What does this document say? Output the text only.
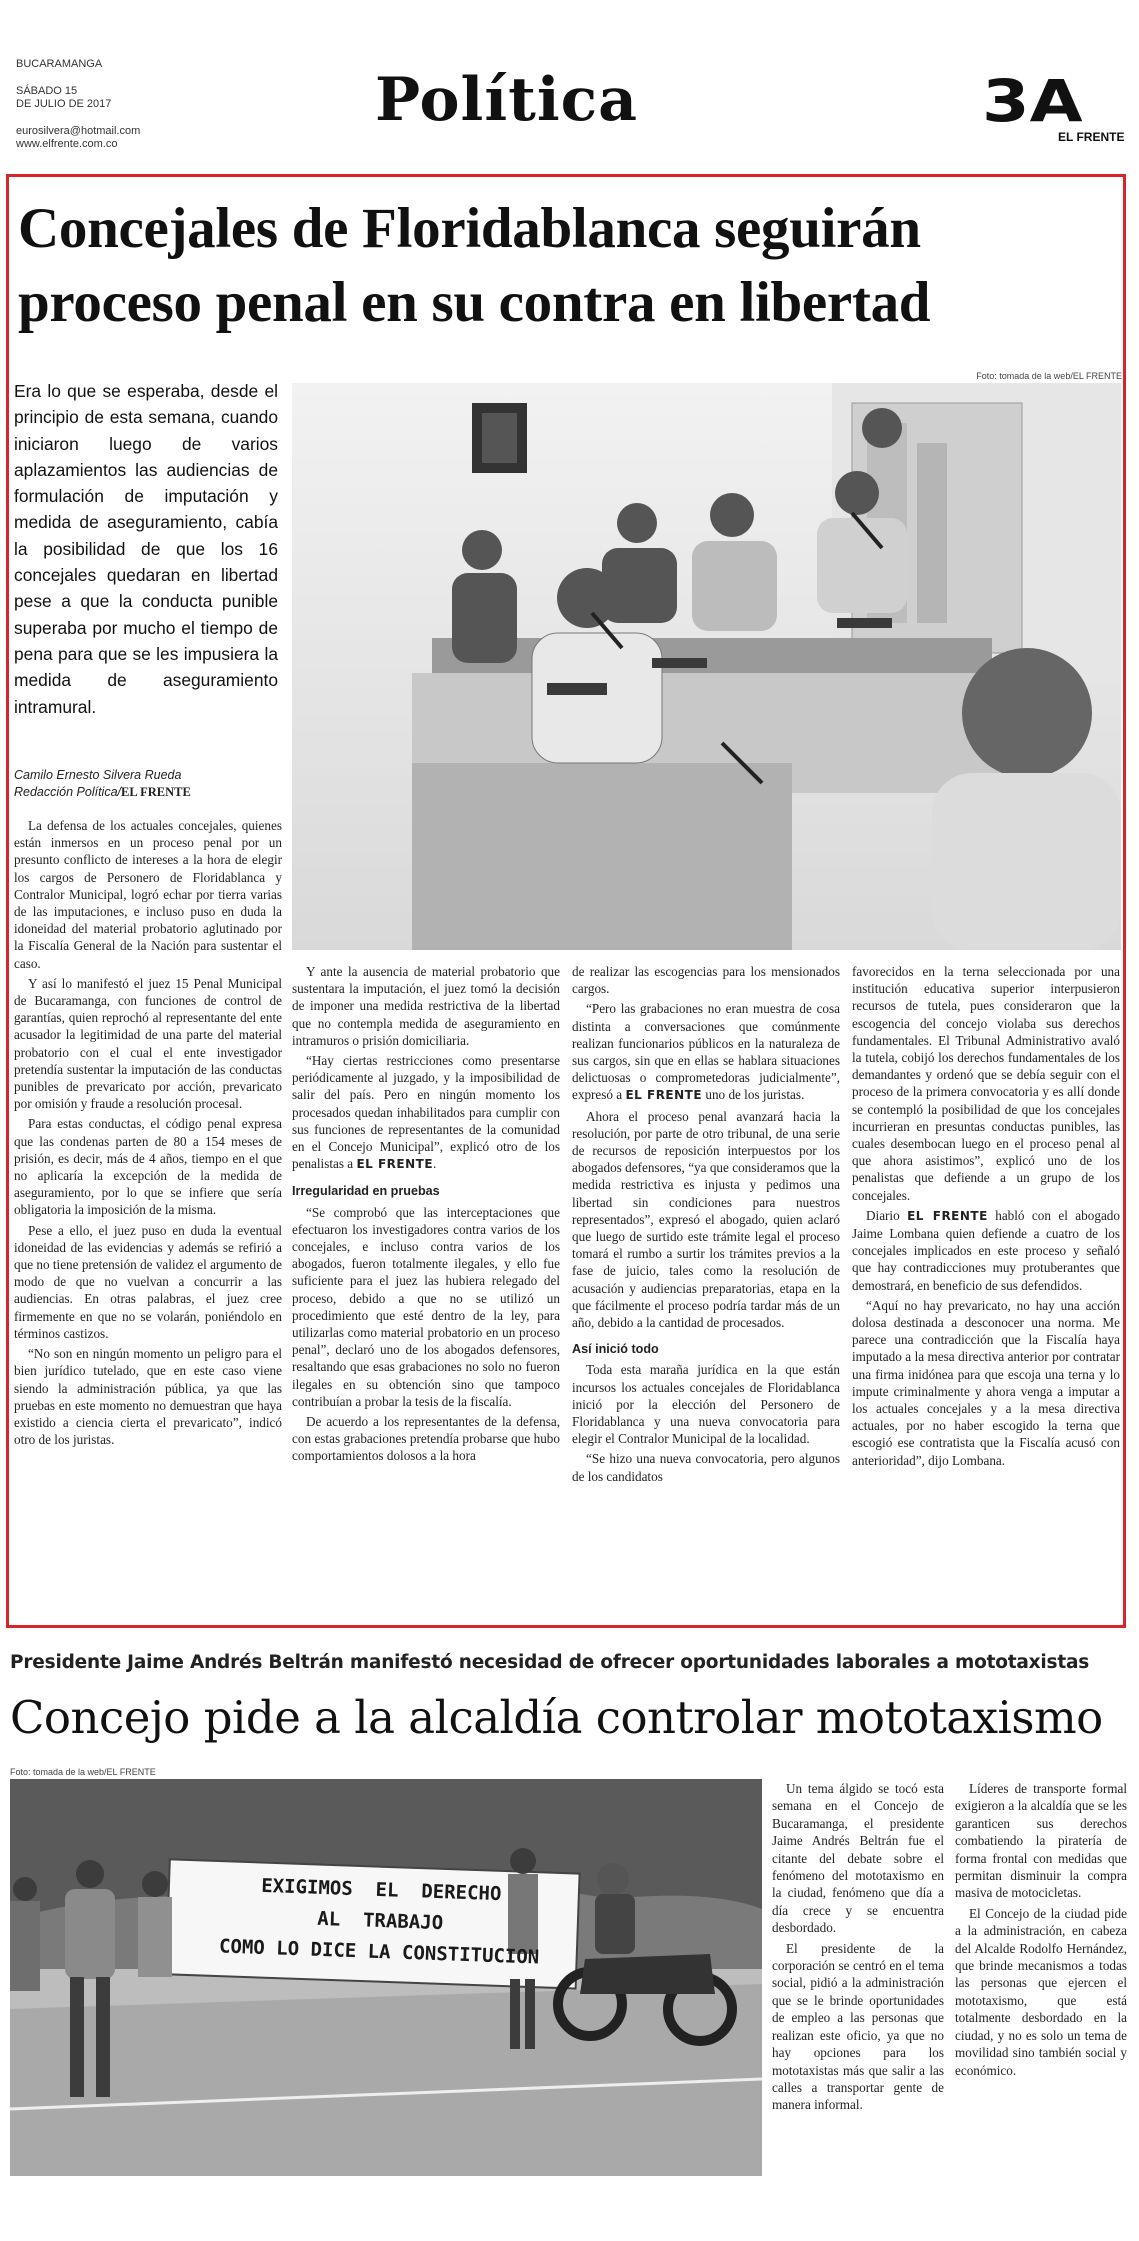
BUCARAMANGA
SÁBADO 15
DE JULIO DE 2017
eurosilvera@hotmail.com
www.elfrente.com.co
Política	3A
EL FRENTE
Concejales de Floridablanca seguirán
proceso penal en su contra en libertad
Era lo que se esperaba, desde el principio de esta semana, cuando iniciaron luego de varios aplazamientos las audiencias de formulación de imputación y medida de aseguramiento, cabía la posibilidad de que los 16 concejales quedaran en libertad pese a que la conducta punible superaba por mucho el tiempo de pena para que se les impusiera la medida de aseguramiento intramural.
Foto: tomada de la web/EL FRENTE
Camilo Ernesto Silvera Rueda
Redacción Política/EL FRENTE

La defensa de los actuales concejales, quienes están inmersos en un proceso penal por un presunto conflicto de intereses a la hora de elegir los cargos de Personero de Floridablanca y Contralor Municipal, logró echar por tierra varias de las imputaciones, e incluso puso en duda la idoneidad del material probatorio aglutinado por la Fiscalía General de la Nación para sustentar el caso.

Y así lo manifestó el juez 15 Penal Municipal de Bucaramanga, con funciones de control de garantías, quien reprochó al representante del ente acusador la legitimidad de una parte del material probatorio con el cual el ente investigador pretendía sustentar la imputación de las conductas punibles de prevaricato por acción, prevaricato por omisión y fraude a resolución procesal.

Para estas conductas, el código penal expresa que las condenas parten de 80 a 154 meses de prisión, es decir, más de 4 años, tiempo en el que no aplicaría la excepción de la medida de aseguramiento, por lo que se infiere que sería obligatoria la imposición de la misma.

Pese a ello, el juez puso en duda la eventual idoneidad de las evidencias y además se refirió a que no tiene pretensión de validez el argumento de modo de que no vuelvan a concurrir a las audiencias. En otras palabras, el juez cree firmemente en que no se volarán, poniéndolo en términos castizos.

“No son en ningún momento un peligro para el bien jurídico tutelado, que en este caso viene siendo la administración pública, ya que las pruebas en este momento no demuestran que haya existido a ciencia cierta el prevaricato”, indicó otro de los juristas.

Y ante la ausencia de material probatorio que sustentara la imputación, el juez tomó la decisión de imponer una medida restrictiva de la libertad que no contempla medida de aseguramiento en intramuros o prisión domiciliaria.

“Hay ciertas restricciones como presentarse periódicamente al juzgado, y la imposibilidad de salir del país. Pero en ningún momento los procesados quedan inhabilitados para cumplir con sus funciones de representantes de la comunidad en el Concejo Municipal”, explicó otro de los penalistas a EL FRENTE.

Irregularidad en pruebas

“Se comprobó que las interceptaciones que efectuaron los investigadores contra varios de los concejales, e incluso contra varios de los abogados, fueron totalmente ilegales, y ello fue suficiente para el juez las hubiera relegado del proceso, debido a que no se utilizó un procedimiento que esté dentro de la ley, para utilizarlas como material probatorio en un proceso penal”, declaró uno de los abogados defensores, resaltando que esas grabaciones no solo no fueron ilegales en su obtención sino que tampoco contribuían a probar la tesis de la fiscalía.

De acuerdo a los representantes de la defensa, con estas grabaciones pretendía probarse que hubo comportamientos dolosos a la hora

de realizar las escogencias para los mensionados cargos.

“Pero las grabaciones no eran muestra de cosa distinta a conversaciones que comúnmente realizan funcionarios públicos en la naturaleza de sus cargos, sin que en ellas se hablara situaciones delictuosas o comprometedoras judicialmente”, expresó a EL FRENTE uno de los juristas.

Ahora el proceso penal avanzará hacia la resolución, por parte de otro tribunal, de una serie de recursos de reposición interpuestos por los abogados defensores, “ya que consideramos que la medida restrictiva es injusta y pedimos una libertad sin condiciones para nuestros representados”, expresó el abogado, quien aclaró que luego de surtido este trámite legal el proceso tomará el rumbo a surtir los trámites previos a la fase de juicio, tales como la resolución de acusación y audiencias preparatorias, etapa en la que fácilmente el proceso podría tardar más de un año, debido a la cantidad de procesados.

Así inició todo

Toda esta maraña jurídica en la que están incursos los actuales concejales de Floridablanca inició por la elección del Personero de Floridablanca y una nueva convocatoria para elegir el Contralor Municipal de la localidad.

“Se hizo una nueva convocatoria, pero algunos de los candidatos

favorecidos en la terna seleccionada por una institución educativa superior interpusieron recursos de tutela, pues consideraron que la escogencia del concejo violaba sus derechos fundamentales. El Tribunal Administrativo avaló la tutela, cobijó los derechos fundamentales de los demandantes y ordenó que se debía seguir con el proceso de la primera convocatoria y es allí donde se contempló la posibilidad de que los concejales incurrieran en presuntas conductas punibles, las cuales desembocan luego en el proceso penal al que ahora asistimos”, explicó uno de los penalistas que defiende a un grupo de los concejales.

Diario EL FRENTE habló con el abogado Jaime Lombana quien defiende a cuatro de los concejales implicados en este proceso y señaló que hay contradicciones muy protuberantes que demostrará, en beneficio de sus defendidos.

“Aquí no hay prevaricato, no hay una acción dolosa destinada a desconocer una norma. Me parece una contradicción que la Fiscalía haya imputado a la mesa directiva anterior por contratar una firma inidónea para que escoja una terna y lo impute criminalmente y ahora venga a imputar a los actuales concejales y a la mesa directiva actuales, por no haber escogido la terna que escogió ese contratista que la Fiscalía acusó con anterioridad”, dijo Lombana.

Presidente Jaime Andrés Beltrán manifestó necesidad de ofrecer oportunidades laborales a mototaxistas
Concejo pide a la alcaldía controlar mototaxismo
Foto: tomada de la web/EL FRENTE
EXIGIMOS  EL  DERECHO
AL  TRABAJO
COMO LO DICE LA CONSTITUCION

Un tema álgido se tocó esta semana en el Concejo de Bucaramanga, el presidente Jaime Andrés Beltrán fue el citante del debate sobre el fenómeno del mototaxismo en la ciudad, fenómeno que día a día crece y se encuentra desbordado.

El presidente de la corporación se centró en el tema social, pidió a la administración que se le brinde oportunidades de empleo a las personas que realizan este oficio, ya que no hay opciones para los mototaxistas más que salir a las calles a transportar gente de manera informal.

Líderes de transporte formal exigieron a la alcaldía que se les garanticen sus derechos combatiendo la piratería de forma frontal con medidas que permitan disminuir la compra masiva de motocicletas.

El Concejo de la ciudad pide a la administración, en cabeza del Alcalde Rodolfo Hernández, que brinde mecanismos a todas las personas que ejercen el mototaxismo, que está totalmente desbordado en la ciudad, y no es solo un tema de movilidad sino también social y económico.
